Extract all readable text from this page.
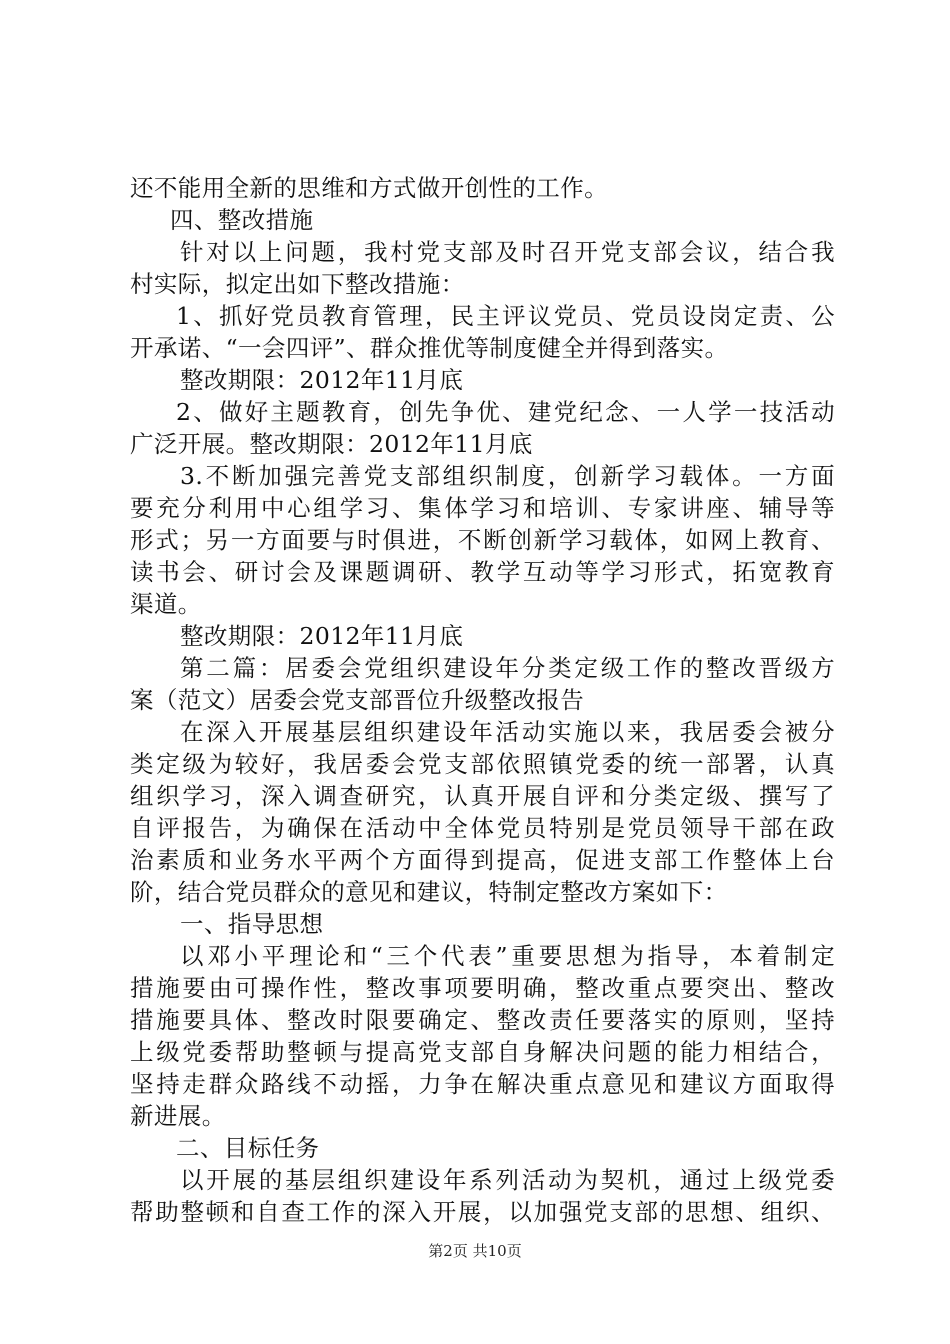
还不能用全新的思维和方式做开创性的工作。
四、整改措施
针对以上问题，我村党支部及时召开党支部会议，结合我
村实际，拟定出如下整改措施：
1、抓好党员教育管理，民主评议党员、党员设岗定责、公
开承诺、“一会四评”、群众推优等制度健全并得到落实。
整改期限：2012年11月底
2、做好主题教育，创先争优、建党纪念、一人学一技活动
广泛开展。整改期限：2012年11月底
3.不断加强完善党支部组织制度，创新学习载体。一方面
要充分利用中心组学习、集体学习和培训、专家讲座、辅导等
形式；另一方面要与时俱进，不断创新学习载体，如网上教育、
读书会、研讨会及课题调研、教学互动等学习形式，拓宽教育
渠道。
整改期限：2012年11月底
第二篇：居委会党组织建设年分类定级工作的整改晋级方
案（范文）居委会党支部晋位升级整改报告
在深入开展基层组织建设年活动实施以来，我居委会被分
类定级为较好，我居委会党支部依照镇党委的统一部署，认真
组织学习，深入调查研究，认真开展自评和分类定级、撰写了
自评报告，为确保在活动中全体党员特别是党员领导干部在政
治素质和业务水平两个方面得到提高，促进支部工作整体上台
阶，结合党员群众的意见和建议，特制定整改方案如下：
一、指导思想
以邓小平理论和“三个代表”重要思想为指导，本着制定
措施要由可操作性，整改事项要明确，整改重点要突出、整改
措施要具体、整改时限要确定、整改责任要落实的原则，坚持
上级党委帮助整顿与提高党支部自身解决问题的能力相结合，
坚持走群众路线不动摇，力争在解决重点意见和建议方面取得
新进展。
二、目标任务
以开展的基层组织建设年系列活动为契机，通过上级党委
帮助整顿和自查工作的深入开展，以加强党支部的思想、组织、
第2页 共10页
